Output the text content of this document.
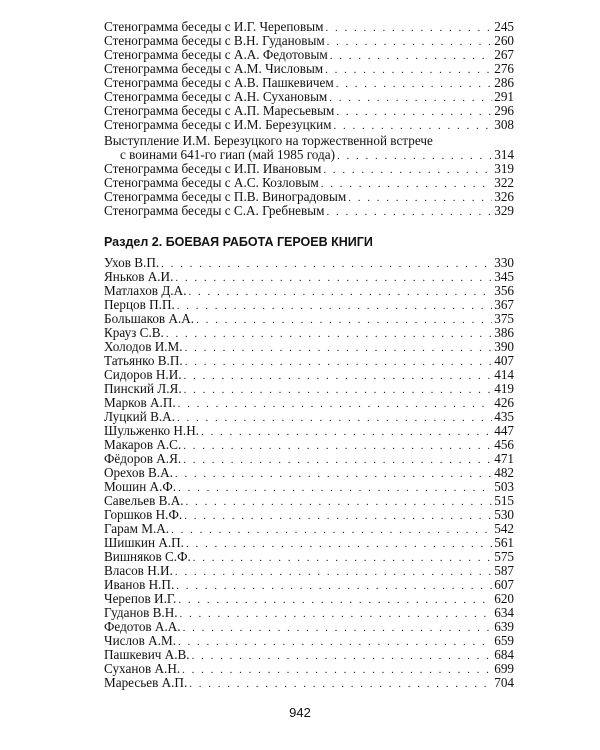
Стенограмма беседы с И.Г. Череповым . . .	245
Стенограмма беседы с В.Н. Гудановым . . .	260
Стенограмма беседы с А.А. Федотовым . . .	267
Стенограмма беседы с А.М. Числовым . . .	276
Стенограмма беседы с А.В. Пашкевичем . . .	286
Стенограмма беседы с А.Н. Сухановым . . .	291
Стенограмма беседы с А.П. Маресьевым . . .	296
Стенограмма беседы с И.М. Березуцким . . .	308
Выступление И.М. Березуцкого на торжественной встрече
с воинами 641-го гиап (май 1985 года) . . .	314
Стенограмма беседы с И.П. Ивановым . . .	319
Стенограмма беседы с А.С. Козловым . . .	322
Стенограмма беседы с П.В. Виноградовым . . .	326
Стенограмма беседы с С.А. Гребневым . . .	329
Раздел 2. БОЕВАЯ РАБОТА ГЕРОЕВ КНИГИ
Ухов В.П. . . .	330
Яньков А.И. . . .	345
Матлахов Д.А. . . .	356
Перцов П.П. . . .	367
Большаков А.А. . . .	375
Крауз С.В. . . .	386
Холодов И.М. . . .	390
Татьянко В.П. . . .	407
Сидоров Н.И. . . .	414
Пинский Л.Я. . . .	419
Марков А.П. . . .	426
Луцкий В.А. . . .	435
Шульженко Н.Н. . . .	447
Макаров А.С. . . .	456
Фёдоров А.Я. . . .	471
Орехов В.А. . . .	482
Мошин А.Ф. . . .	503
Савельев В.А. . . .	515
Горшков Н.Ф. . . .	530
Гарам М.А. . . .	542
Шишкин А.П. . . .	561
Вишняков С.Ф. . . .	575
Власов Н.И. . . .	587
Иванов Н.П. . . .	607
Черепов И.Г. . . .	620
Гуданов В.Н. . . .	634
Федотов А.А. . . .	639
Числов А.М. . . .	659
Пашкевич А.В. . . .	684
Суханов А.Н. . . .	699
Маресьев А.П. . . .	704
942
